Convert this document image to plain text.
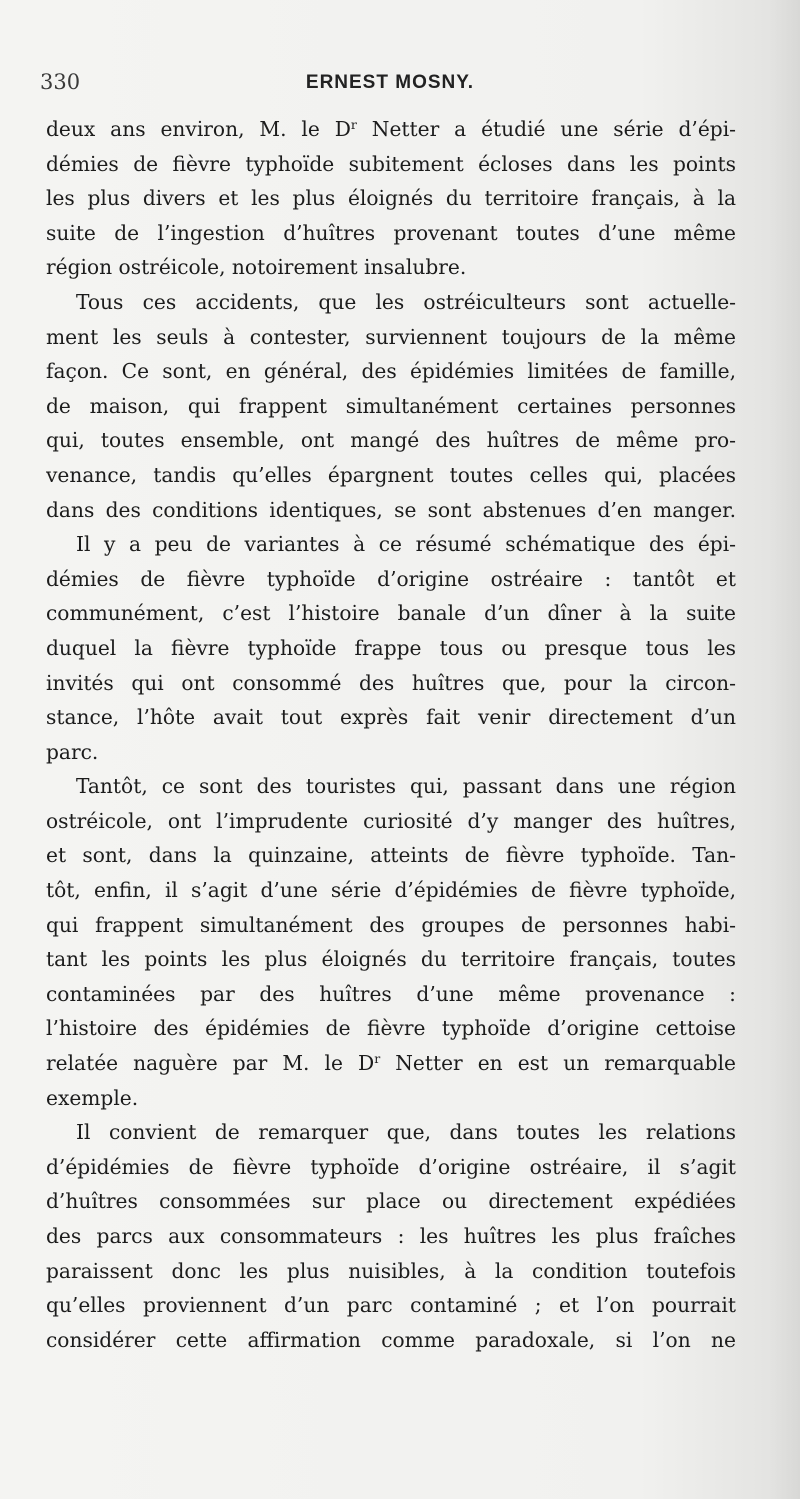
330	ERNEST MOSNY.
deux ans environ, M. le $D^r$ Netter a étudié une série d’épi-
démies de fièvre typhoïde subitement écloses dans les points
les plus divers et les plus éloignés du territoire français, à la
suite de l’ingestion d’huîtres provenant toutes d’une même
région ostréicole, notoirement insalubre.
Tous ces accidents, que les ostréiculteurs sont actuelle-
ment les seuls à contester, surviennent toujours de la même
façon. Ce sont, en général, des épidémies limitées de famille,
de maison, qui frappent simultanément certaines personnes
qui, toutes ensemble, ont mangé des huîtres de même pro-
venance, tandis qu’elles épargnent toutes celles qui, placées
dans des conditions identiques, se sont abstenues d’en manger.
Il y a peu de variantes à ce résumé schématique des épi-
démies de fièvre typhoïde d’origine ostréaire : tantôt et
communément, c’est l’histoire banale d’un dîner à la suite
duquel la fièvre typhoïde frappe tous ou presque tous les
invités qui ont consommé des huîtres que, pour la circon-
stance, l’hôte avait tout exprès fait venir directement d’un
parc.
Tantôt, ce sont des touristes qui, passant dans une région
ostréicole, ont l’imprudente curiosité d’y manger des huîtres,
et sont, dans la quinzaine, atteints de fièvre typhoïde. Tan-
tôt, enfin, il s’agit d’une série d’épidémies de fièvre typhoïde,
qui frappent simultanément des groupes de personnes habi-
tant les points les plus éloignés du territoire français, toutes
contaminées par des huîtres d’une même provenance :
l’histoire des épidémies de fièvre typhoïde d’origine cettoise
relatée naguère par M. le $D^r$ Netter en est un remarquable
exemple.
Il convient de remarquer que, dans toutes les relations
d’épidémies de fièvre typhoïde d’origine ostréaire, il s’agit
d’huîtres consommées sur place ou directement expédiées
des parcs aux consommateurs : les huîtres les plus fraîches
paraissent donc les plus nuisibles, à la condition toutefois
qu’elles proviennent d’un parc contaminé ; et l’on pourrait
considérer cette affirmation comme paradoxale, si l’on ne
